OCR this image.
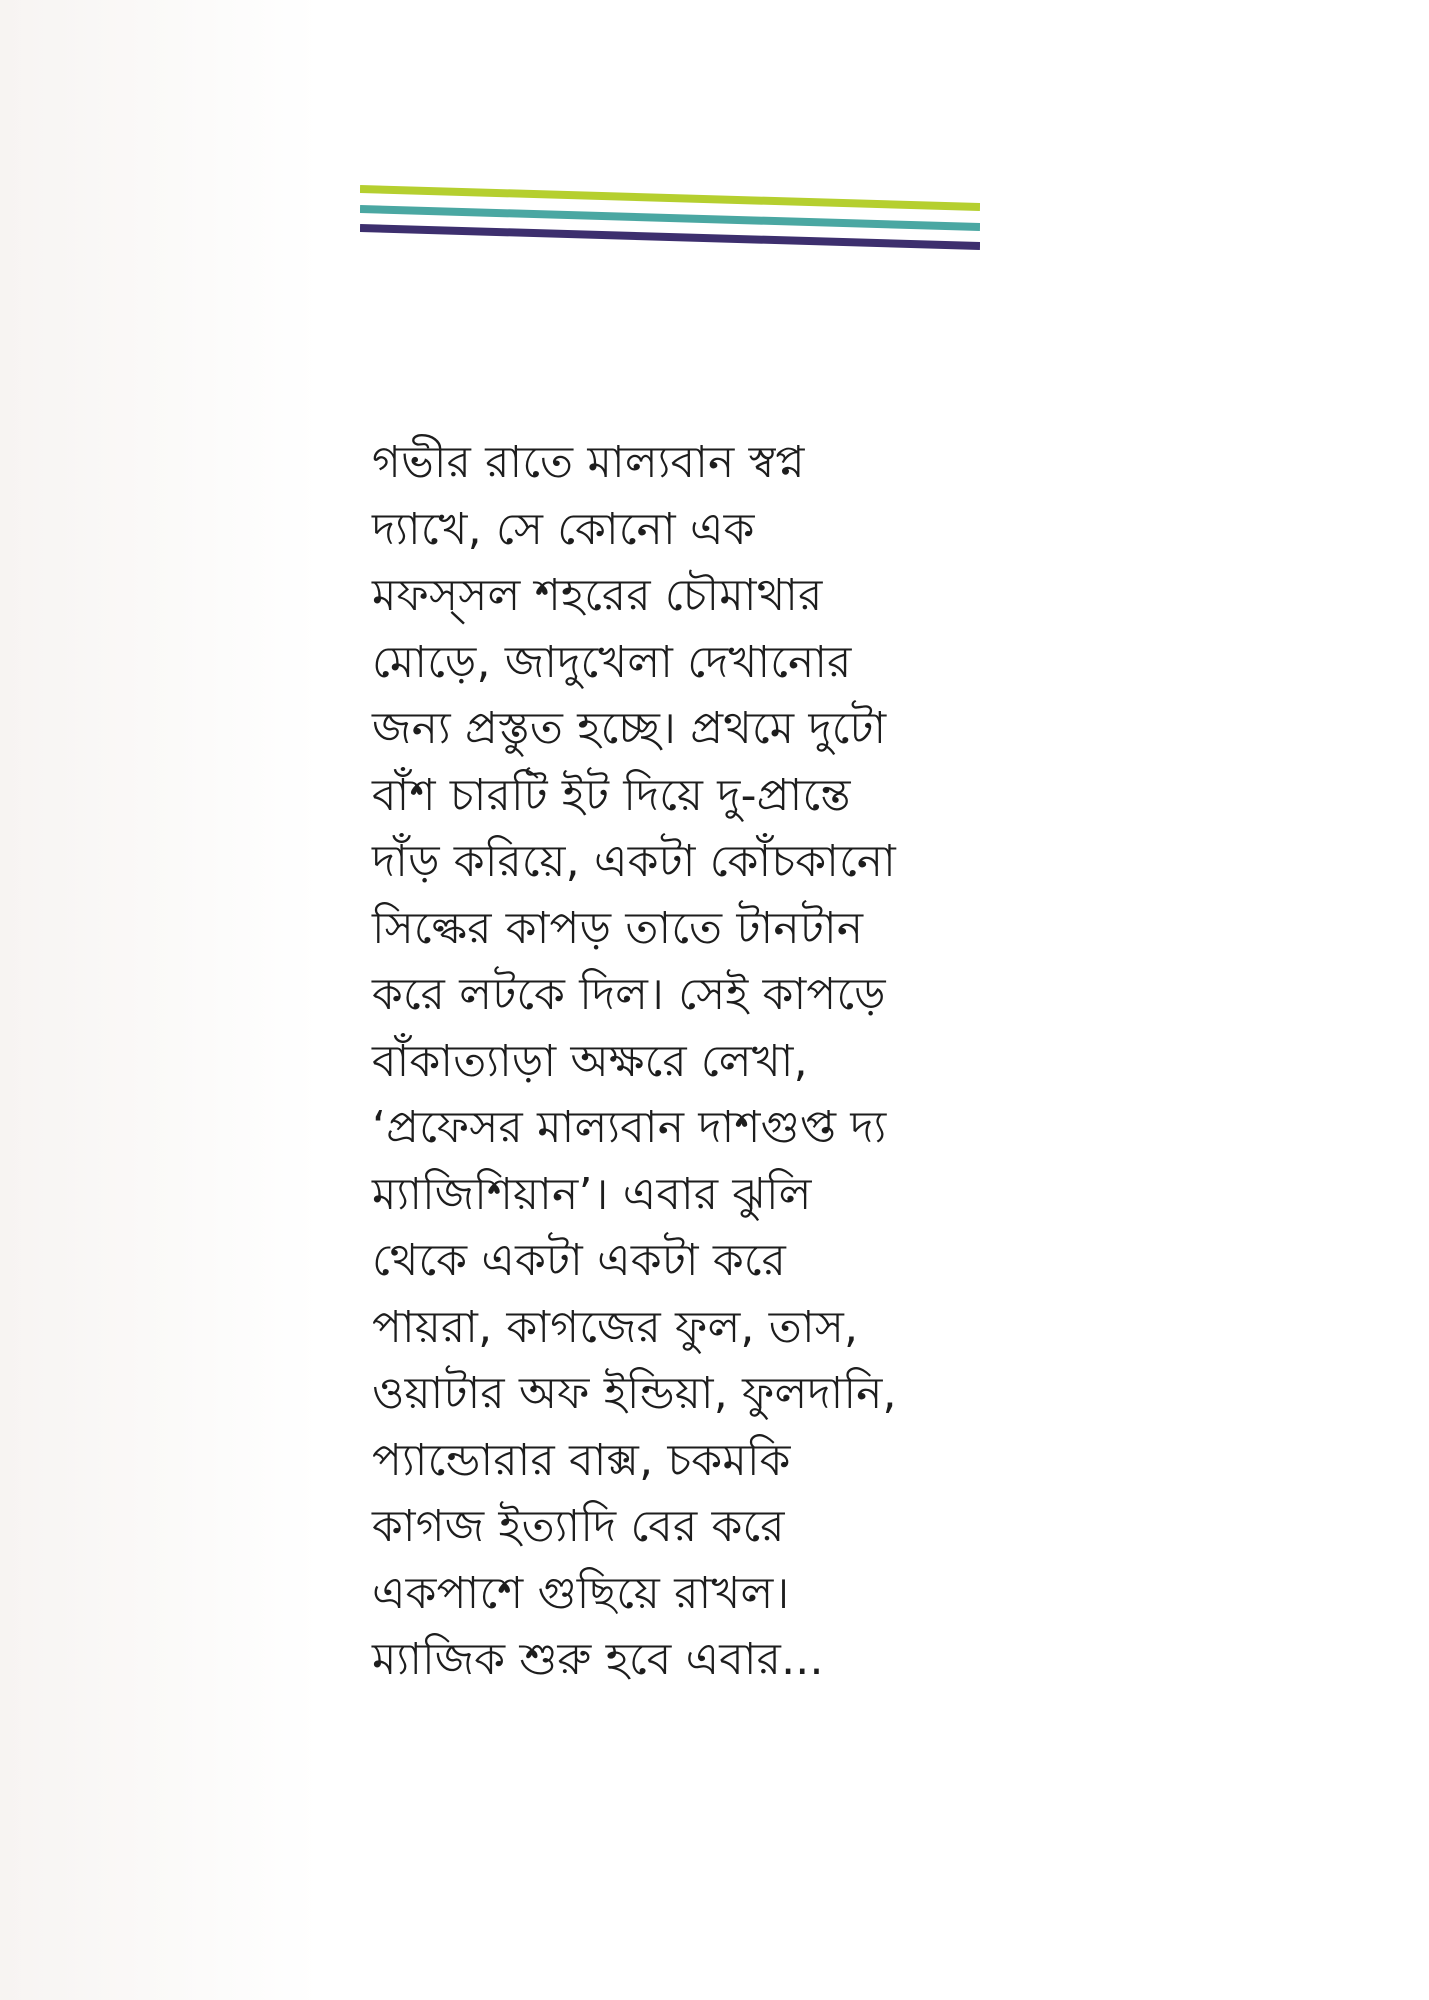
গভীর রাতে মাল্যবান স্বপ্ন
দ্যাখে, সে কোনো এক
মফস্‌সল শহরের চৌমাথার
মোড়ে, জাদুখেলা দেখানোর
জন্য প্রস্তুত হচ্ছে। প্রথমে দুটো
বাঁশ চারটি ইট দিয়ে দু-প্রান্তে
দাঁড় করিয়ে, একটা কোঁচকানো
সিল্কের কাপড় তাতে টানটান
করে লটকে দিল। সেই কাপড়ে
বাঁকাত্যাড়া অক্ষরে লেখা,
‘প্রফেসর মাল্যবান দাশগুপ্ত দ্য
ম্যাজিশিয়ান’। এবার ঝুলি
থেকে একটা একটা করে
পায়রা, কাগজের ফুল, তাস,
ওয়াটার অফ ইন্ডিয়া, ফুলদানি,
প্যান্ডোরার বাক্স, চকমকি
কাগজ ইত্যাদি বের করে
একপাশে গুছিয়ে রাখল।
ম্যাজিক শুরু হবে এবার...
